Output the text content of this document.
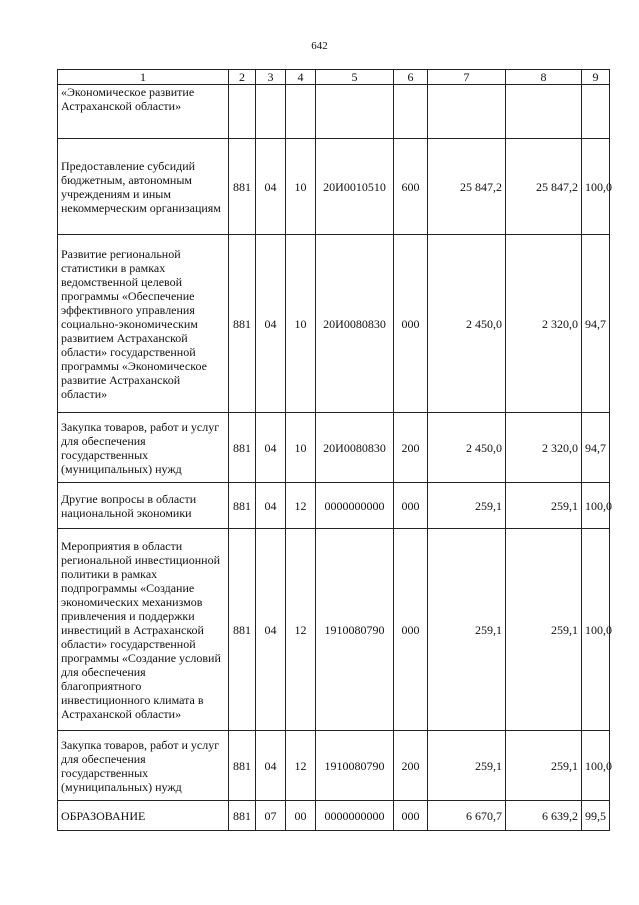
642
1	2	3	4	5	6	7	8	9
«Экономическое развитие Астраханской области»								
Предоставление субсидий бюджетным, автономным учреждениям и иным некоммерческим организациям	881	04	10	20И0010510	600	25 847,2	25 847,2	100,0
Развитие региональной статистики в рамках ведомственной целевой программы «Обеспечение эффективного управления социально-экономическим развитием Астраханской области» государственной программы «Экономическое развитие Астраханской области»	881	04	10	20И0080830	000	2 450,0	2 320,0	94,7
Закупка товаров, работ и услуг для обеспечения государственных (муниципальных) нужд	881	04	10	20И0080830	200	2 450,0	2 320,0	94,7
Другие вопросы в области национальной экономики	881	04	12	0000000000	000	259,1	259,1	100,0
Мероприятия в области региональной инвестиционной политики в рамках подпрограммы «Создание экономических механизмов привлечения и поддержки инвестиций в Астраханской области» государственной программы «Создание условий для обеспечения благоприятного инвестиционного климата в Астраханской области»	881	04	12	1910080790	000	259,1	259,1	100,0
Закупка товаров, работ и услуг для обеспечения государственных (муниципальных) нужд	881	04	12	1910080790	200	259,1	259,1	100,0
ОБРАЗОВАНИЕ	881	07	00	0000000000	000	6 670,7	6 639,2	99,5
